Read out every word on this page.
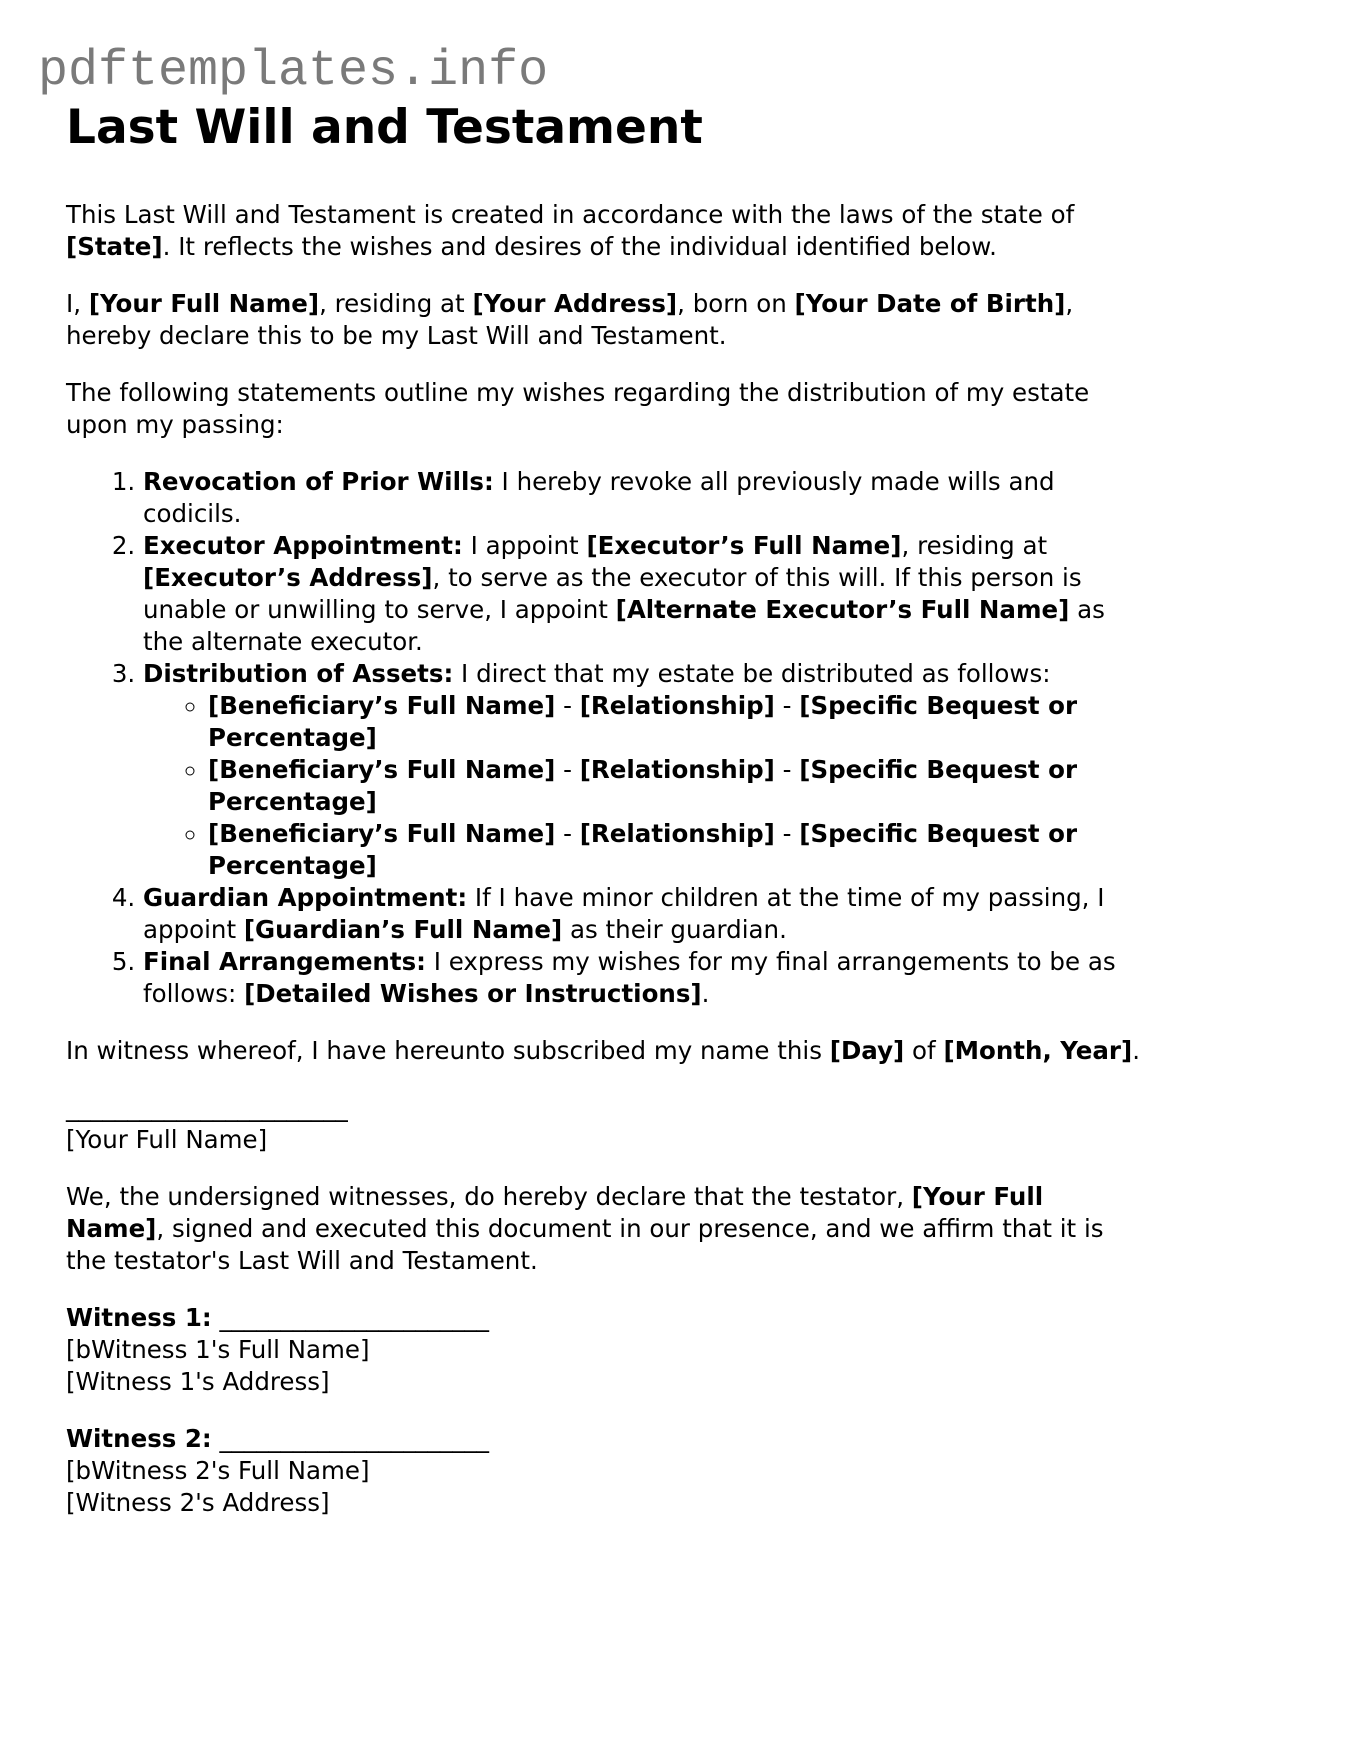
pdftemplates.info
Last Will and Testament

This Last Will and Testament is created in accordance with the laws of the state of [State]. It reflects the wishes and desires of the individual identified below.

I, [Your Full Name], residing at [Your Address], born on [Your Date of Birth], hereby declare this to be my Last Will and Testament.

The following statements outline my wishes regarding the distribution of my estate upon my passing:

1. Revocation of Prior Wills: I hereby revoke all previously made wills and codicils.
2. Executor Appointment: I appoint [Executor’s Full Name], residing at [Executor’s Address], to serve as the executor of this will. If this person is unable or unwilling to serve, I appoint [Alternate Executor’s Full Name] as the alternate executor.
3. Distribution of Assets: I direct that my estate be distributed as follows:
◦ [Beneficiary’s Full Name] - [Relationship] - [Specific Bequest or Percentage]
◦ [Beneficiary’s Full Name] - [Relationship] - [Specific Bequest or Percentage]
◦ [Beneficiary’s Full Name] - [Relationship] - [Specific Bequest or Percentage]
4. Guardian Appointment: If I have minor children at the time of my passing, I appoint [Guardian’s Full Name] as their guardian.
5. Final Arrangements: I express my wishes for my final arrangements to be as follows: [Detailed Wishes or Instructions].

In witness whereof, I have hereunto subscribed my name this [Day] of [Month, Year].

_______________________
[Your Full Name]

We, the undersigned witnesses, do hereby declare that the testator, [Your Full Name], signed and executed this document in our presence, and we affirm that it is the testator's Last Will and Testament.

Witness 1: ______________________
[bWitness 1's Full Name]
[Witness 1's Address]

Witness 2: ______________________
[bWitness 2's Full Name]
[Witness 2's Address]
